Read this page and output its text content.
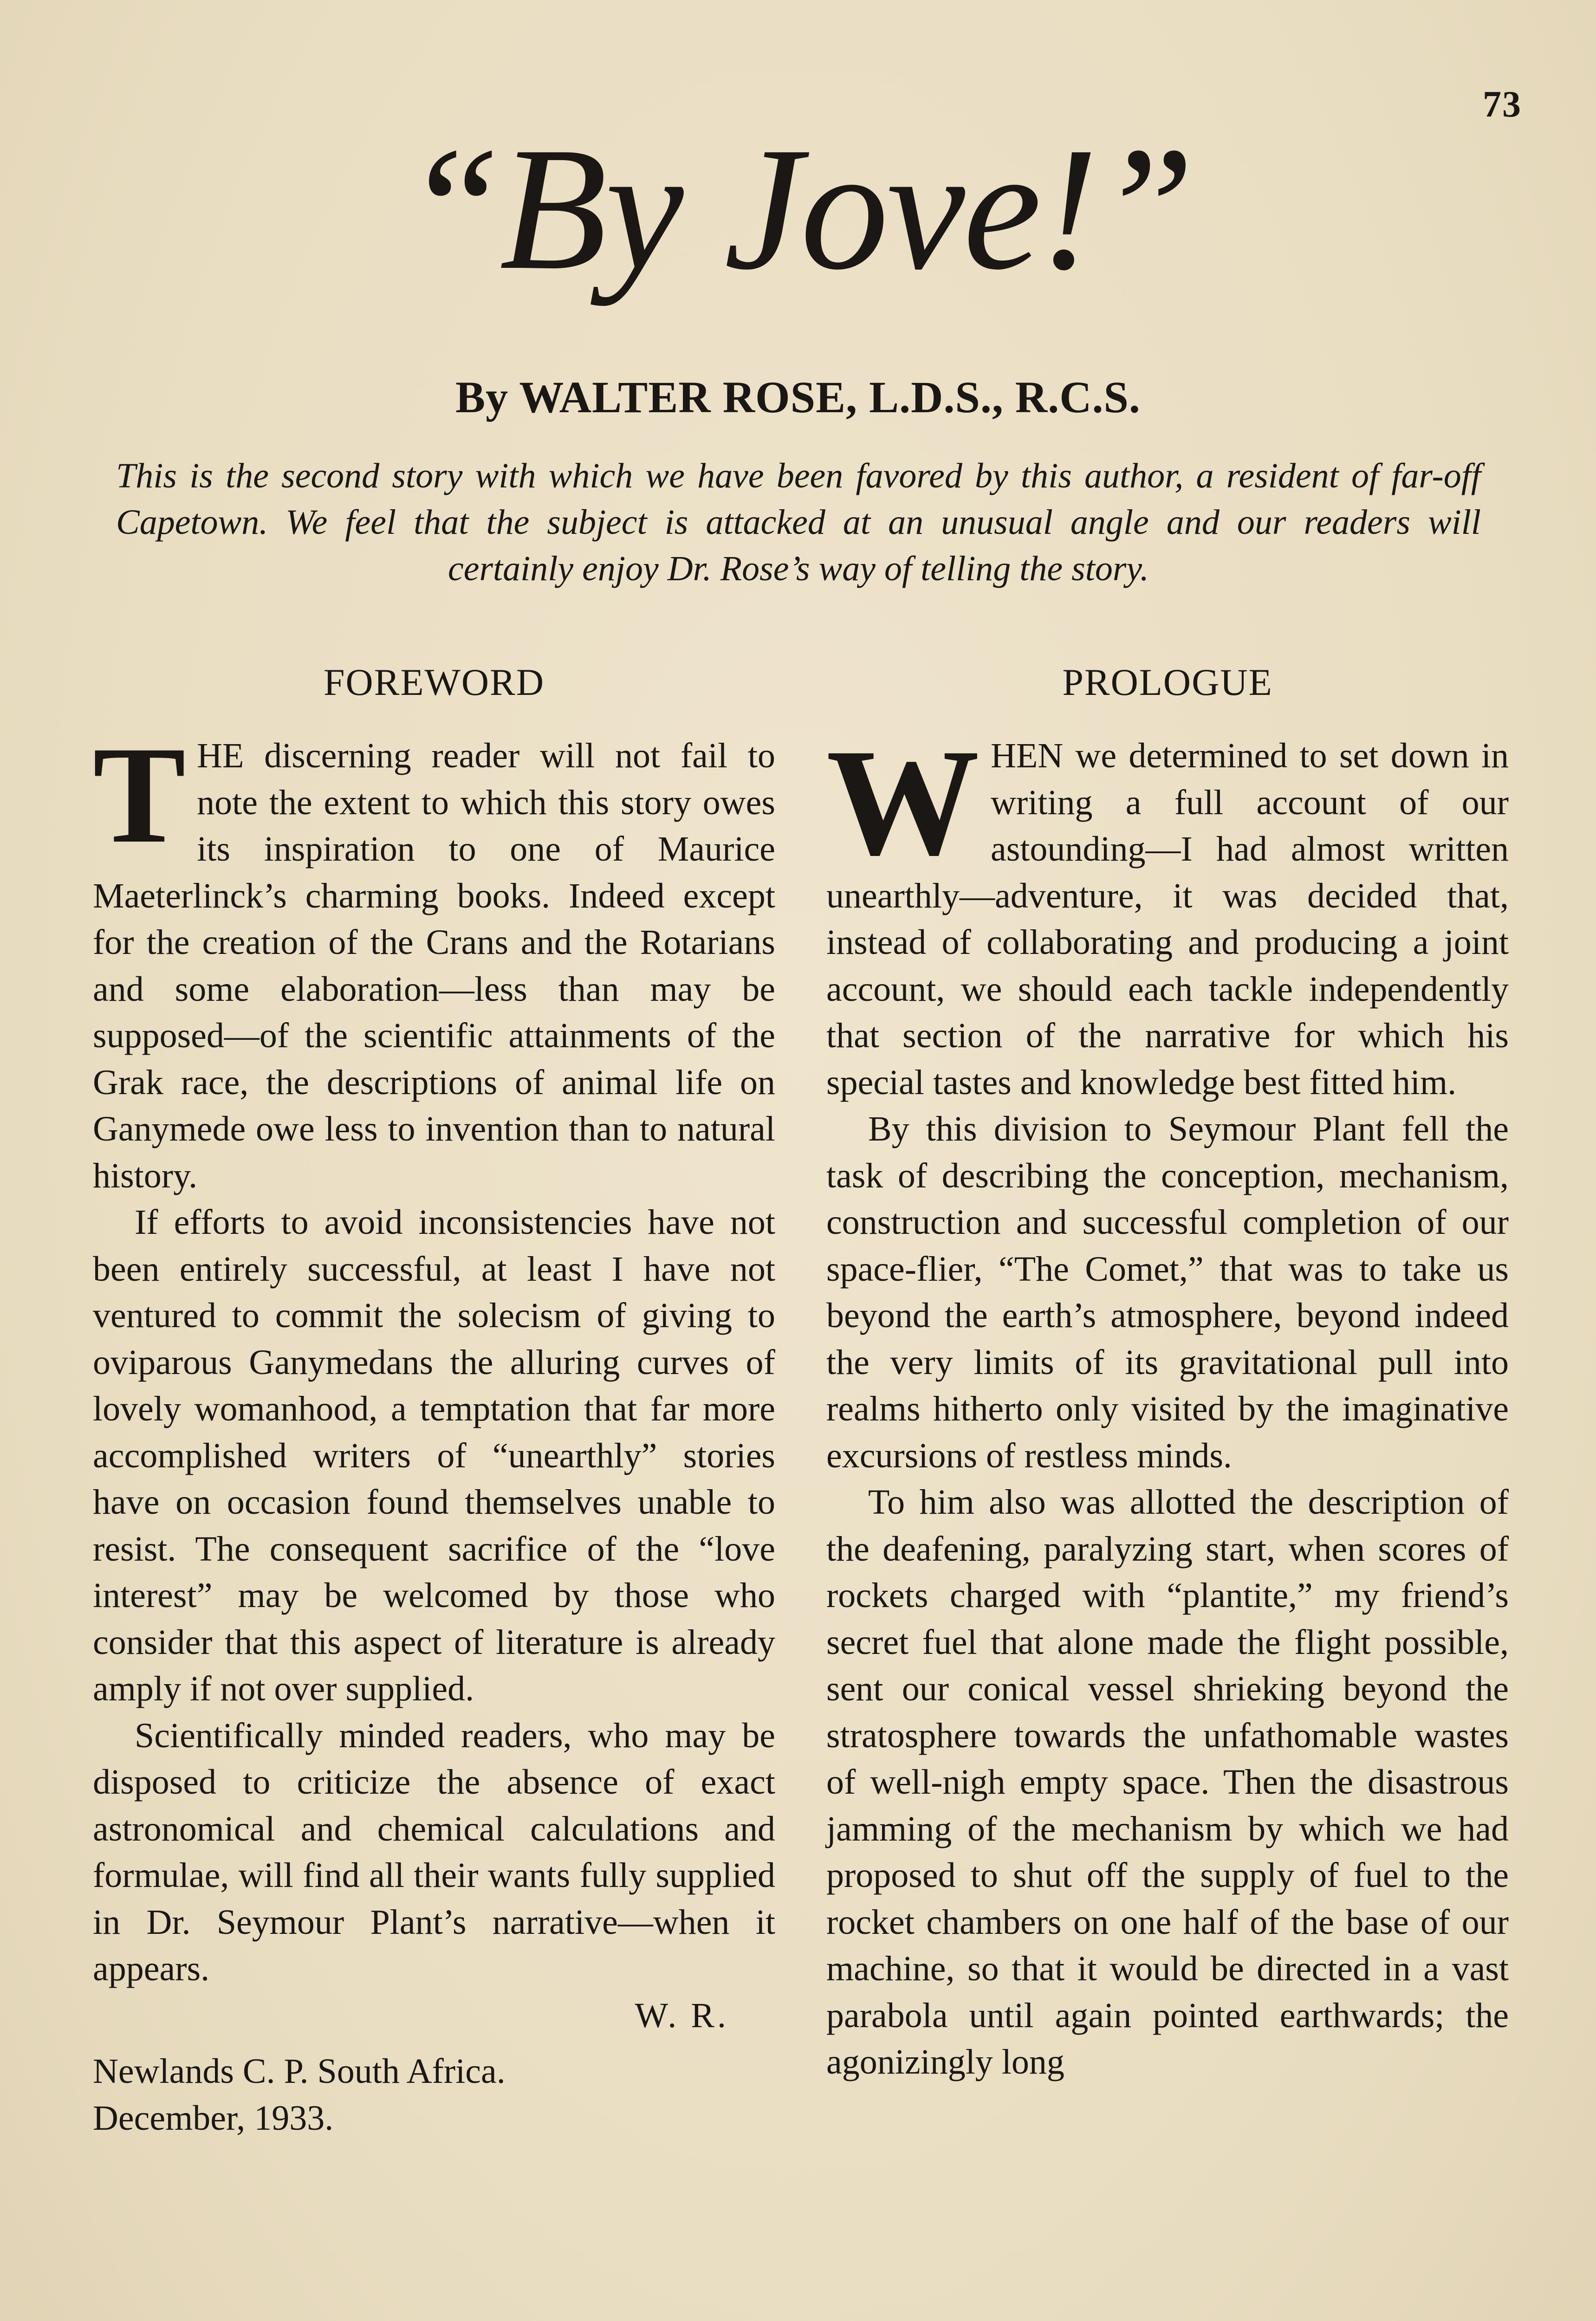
73
“By Jove!”
By WALTER ROSE, L.D.S., R.C.S.
This is the second story with which we have been favored by this author, a resident of far-off Capetown. We feel that the subject is attacked at an unusual angle and our readers will certainly enjoy Dr. Rose’s way of telling the story.
FOREWORD

THE discerning reader will not fail to note the extent to which this story owes its inspiration to one of Maurice Maeterlinck’s charming books. Indeed except for the creation of the Crans and the Rotarians and some elaboration—less than may be supposed—of the scientific attainments of the Grak race, the descriptions of animal life on Ganymede owe less to invention than to natural history.

If efforts to avoid inconsistencies have not been entirely successful, at least I have not ventured to commit the solecism of giving to oviparous Ganymedans the alluring curves of lovely womanhood, a temptation that far more accomplished writers of “unearthly” stories have on occasion found themselves unable to resist. The consequent sacrifice of the “love interest” may be welcomed by those who consider that this aspect of literature is already amply if not over supplied.

Scientifically minded readers, who may be disposed to criticize the absence of exact astronomical and chemical calculations and formulae, will find all their wants fully supplied in Dr. Seymour Plant’s narrative—when it appears.

W. R.

Newlands C. P. South Africa.

December, 1933.

PROLOGUE

WHEN we determined to set down in writing a full account of our astounding—I had almost written unearthly—adventure, it was decided that, instead of collaborating and producing a joint account, we should each tackle independently that section of the narrative for which his special tastes and knowledge best fitted him.

By this division to Seymour Plant fell the task of describing the conception, mechanism, construction and successful completion of our space-flier, “The Comet,” that was to take us beyond the earth’s atmosphere, beyond indeed the very limits of its gravitational pull into realms hitherto only visited by the imaginative excursions of restless minds.

To him also was allotted the description of the deafening, paralyzing start, when scores of rockets charged with “plantite,” my friend’s secret fuel that alone made the flight possible, sent our conical vessel shrieking beyond the stratosphere towards the unfathomable wastes of well-nigh empty space. Then the disastrous jamming of the mechanism by which we had proposed to shut off the supply of fuel to the rocket chambers on one half of the base of our machine, so that it would be directed in a vast parabola until again pointed earthwards; the agonizingly long
